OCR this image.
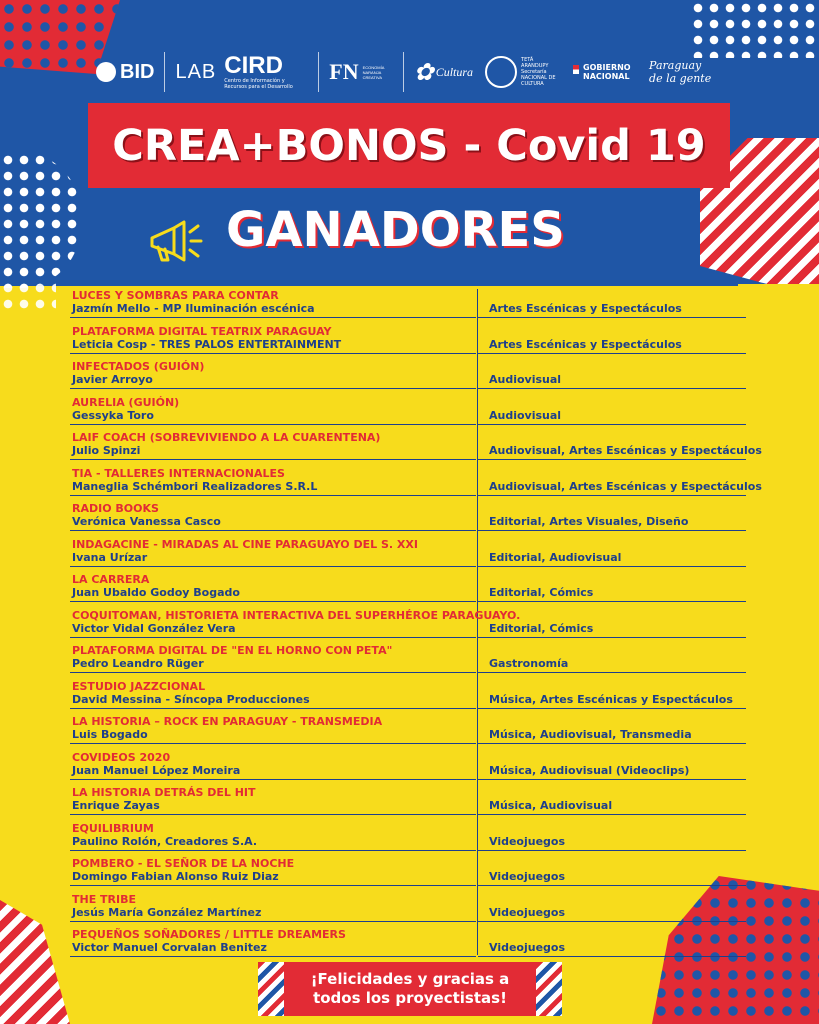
BID LAB CIRD
Centro de Información y Recursos para el Desarrollo
FN ECONOMÍA NARANJA CREATIVA	✿ Cultura
TETÃ ARANDUPY Secretaría NACIONAL DE CULTURA
GOBIERNO NACIONAL
Paraguay de la gente
CREA+BONOS - Covid 19
GANADORES
LUCES Y SOMBRAS PARA CONTAR
Jazmín Mello - MP Iluminación escénica	Artes Escénicas y Espectáculos
PLATAFORMA DIGITAL TEATRIX PARAGUAY
Leticia Cosp - TRES PALOS ENTERTAINMENT	Artes Escénicas y Espectáculos
INFECTADOS (GUIÓN)
Javier Arroyo	Audiovisual
AURELIA (GUIÓN)
Gessyka Toro	Audiovisual
LAIF COACH (SOBREVIVIENDO A LA CUARENTENA)
Julio Spinzi	Audiovisual, Artes Escénicas y Espectáculos
TIA - TALLERES INTERNACIONALES
Maneglia Schémbori Realizadores S.R.L	Audiovisual, Artes Escénicas y Espectáculos
RADIO BOOKS
Verónica Vanessa Casco	Editorial, Artes Visuales, Diseño
INDAGACINE - MIRADAS AL CINE PARAGUAYO DEL S. XXI
Ivana Urízar	Editorial, Audiovisual
LA CARRERA
Juan Ubaldo Godoy Bogado	Editorial, Cómics
COQUITOMAN, HISTORIETA INTERACTIVA DEL SUPERHÉROE PARAGUAYO.
Victor Vidal González Vera	Editorial, Cómics
PLATAFORMA DIGITAL DE "EN EL HORNO CON PETA"
Pedro Leandro Rüger	Gastronomía
ESTUDIO JAZZCIONAL
David Messina - Síncopa Producciones	Música, Artes Escénicas y Espectáculos
LA HISTORIA – ROCK EN PARAGUAY - TRANSMEDIA
Luis Bogado	Música, Audiovisual, Transmedia
COVIDEOS 2020
Juan Manuel López Moreira	Música, Audiovisual (Videoclips)
LA HISTORIA DETRÁS DEL HIT
Enrique Zayas	Música, Audiovisual
EQUILIBRIUM
Paulino Rolón, Creadores S.A.	Videojuegos
POMBERO - EL SEÑOR DE LA NOCHE
Domingo Fabian Alonso Ruiz Diaz	Videojuegos
THE TRIBE
Jesús María González Martínez	Videojuegos
PEQUEÑOS SOÑADORES / LITTLE DREAMERS
Victor Manuel Corvalan Benitez	Videojuegos
¡Felicidades y gracias a
todos los proyectistas!
